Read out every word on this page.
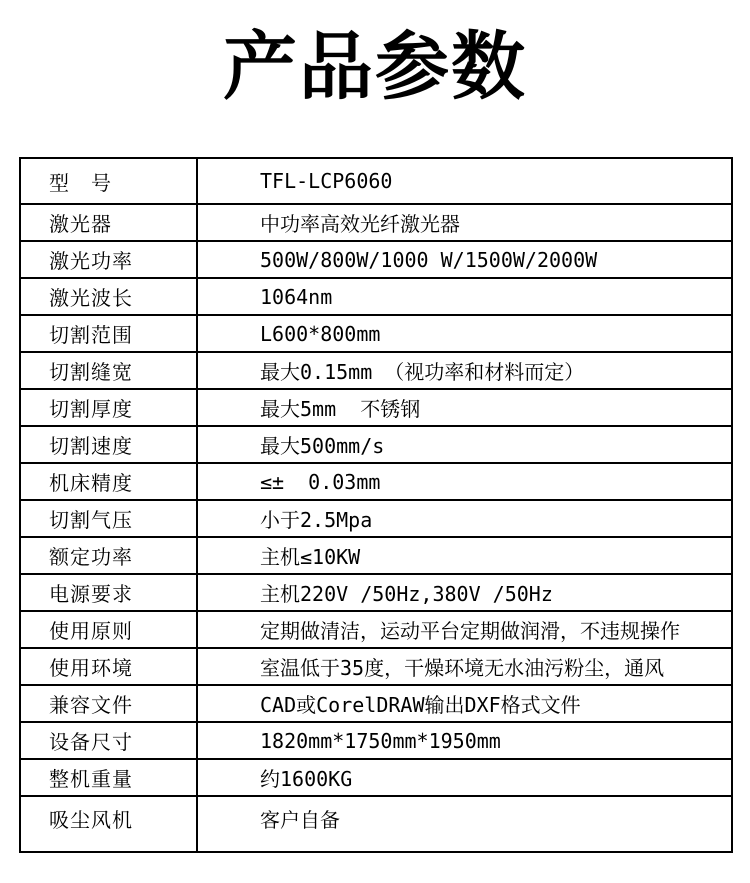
产品参数
型　号	TFL-LCP6060
激光器	中功率高效光纤激光器
激光功率	500W/800W/1000 W/1500W/2000W
激光波长	1064nm
切割范围	L600*800mm
切割缝宽	最大0.15mm （视功率和材料而定）
切割厚度	最大5mm  不锈钢
切割速度	最大500mm/s
机床精度	≤±  0.03mm
切割气压	小于2.5Mpa
额定功率	主机≤10KW
电源要求	主机220V /50Hz,380V /50Hz
使用原则	定期做清洁，运动平台定期做润滑，不违规操作
使用环境	室温低于35度，干燥环境无水油污粉尘，通风
兼容文件	CAD或CorelDRAW输出DXF格式文件
设备尺寸	1820mm*1750mm*1950mm
整机重量	约1600KG
吸尘风机	客户自备
